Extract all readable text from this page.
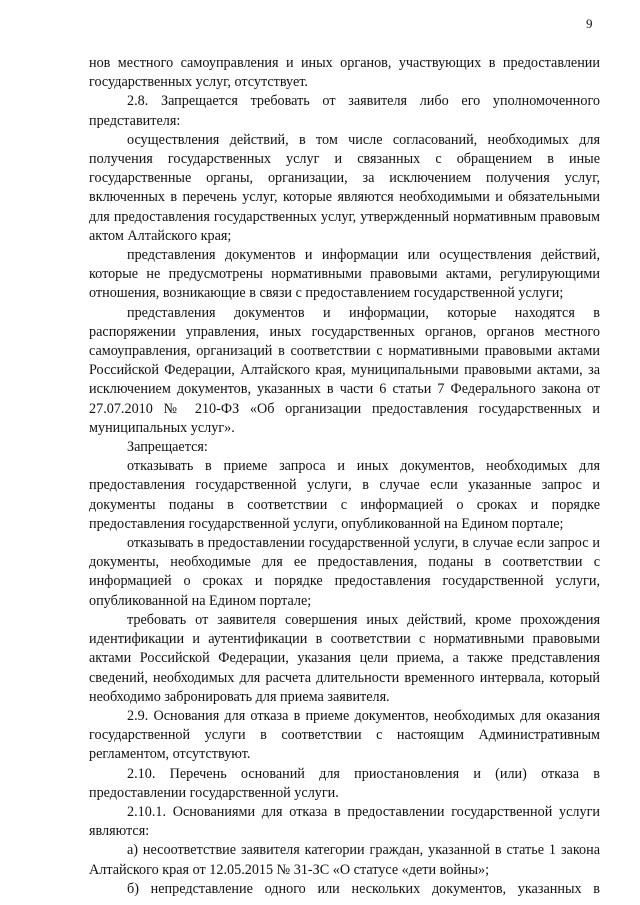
9

нов местного самоуправления и иных органов, участвующих в предоставлении государственных услуг, отсутствует.

2.8. Запрещается требовать от заявителя либо его уполномоченного представителя:

осуществления действий, в том числе согласований, необходимых для получения государственных услуг и связанных с обращением в иные государственные органы, организации, за исключением получения услуг, включенных в перечень услуг, которые являются необходимыми и обязательными для предоставления государственных услуг, утвержденный нормативным правовым актом Алтайского края;

представления документов и информации или осуществления действий, которые не предусмотрены нормативными правовыми актами, регулирующими отношения, возникающие в связи с предоставлением государственной услуги;

представления документов и информации, которые находятся в распоряжении управления, иных государственных органов, органов местного самоуправления, организаций в соответствии с нормативными правовыми актами Российской Федерации, Алтайского края, муниципальными правовыми актами, за исключением документов, указанных в части 6 статьи 7 Федерального закона от 27.07.2010 № 210-ФЗ «Об организации предоставления государственных и муниципальных услуг».

Запрещается:

отказывать в приеме запроса и иных документов, необходимых для предоставления государственной услуги, в случае если указанные запрос и документы поданы в соответствии с информацией о сроках и порядке предоставления государственной услуги, опубликованной на Едином портале;

отказывать в предоставлении государственной услуги, в случае если запрос и документы, необходимые для ее предоставления, поданы в соответствии с информацией о сроках и порядке предоставления государственной услуги, опубликованной на Едином портале;

требовать от заявителя совершения иных действий, кроме прохождения идентификации и аутентификации в соответствии с нормативными правовыми актами Российской Федерации, указания цели приема, а также представления сведений, необходимых для расчета длительности временного интервала, который необходимо забронировать для приема заявителя.

2.9. Основания для отказа в приеме документов, необходимых для оказания государственной услуги в соответствии с настоящим Административным регламентом, отсутствуют.

2.10. Перечень оснований для приостановления и (или) отказа в предоставлении государственной услуги.

2.10.1. Основаниями для отказа в предоставлении государственной услуги являются:

а) несоответствие заявителя категории граждан, указанной в статье 1 закона Алтайского края от 12.05.2015 № 31-ЗС «О статусе «дети войны»;

б) непредставление одного или нескольких документов, указанных в
